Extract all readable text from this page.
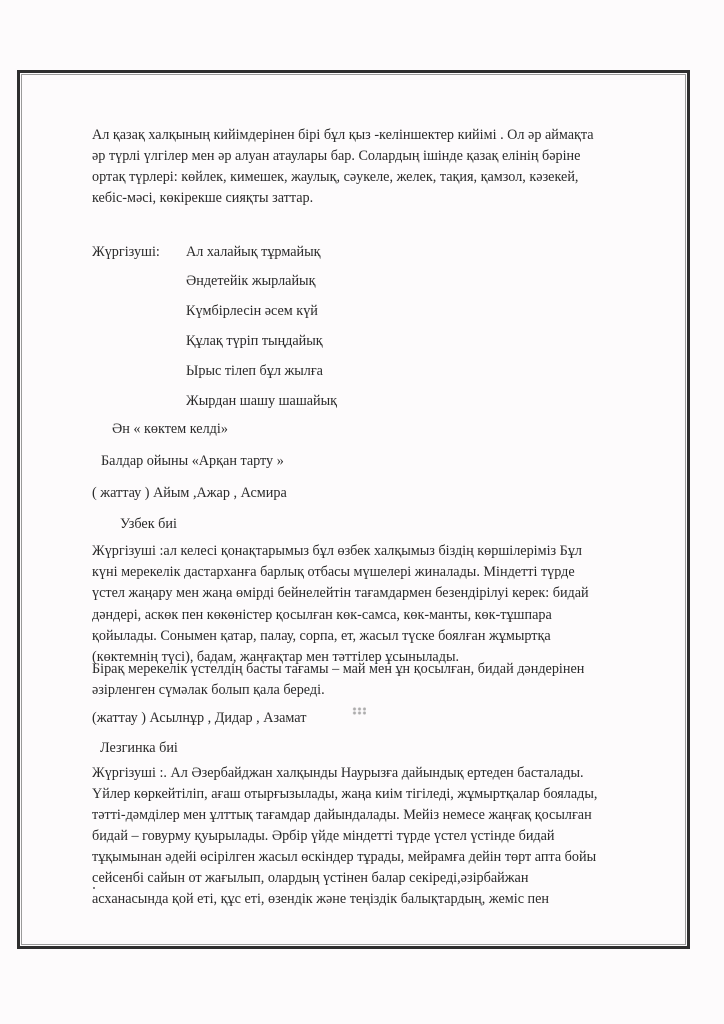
Ал қазақ халқының кийімдерінен бірі бұл қыз -келіншектер кийімі . Ол әр аймақта
әр түрлі үлгілер мен әр алуан атаулары бар. Солардың ішінде қазақ елінің бәріне
ортақ түрлері: көйлек, кимешек, жаулық, сәукеле, желек, тақия, қамзол, кәзекей,
кебіс-мәсі, көкірекше сияқты заттар.
Жүргізуші: Ал халайық тұрмайық
Әндетейік жырлайық
Күмбірлесін әсем күй
Құлақ түріп тыңдайық
Ырыс тілеп бұл жылға
Жырдан шашу шашайық
Ән « көктем келді»
Балдар ойыны «Арқан тарту »
( жаттау ) Айым ,Ажар , Асмира
Узбек биі
Жүргізуші :ал келесі қонақтарымыз бұл өзбек халқымыз біздің көршілеріміз Бұл
күні мерекелік дастарханға барлық отбасы мүшелері жиналады. Міндетті түрде
үстел жаңару мен жаңа өмірді бейнелейтін тағамдармен безендірілуі керек: бидай
дәндері, аскөк пен көкөністер қосылған көк-самса, көк-манты, көк-тұшпара
қойылады. Сонымен қатар, палау, сорпа, ет, жасыл түске боялған жұмыртқа
(көктемнің түсі), бадам, жаңғақтар мен тәттілер ұсынылады.
Бірақ мерекелік үстелдің басты тағамы – май мен ұн қосылған, бидай дәндерінен
әзірленген сүмәлак болып қала береді.
(жаттау ) Асылнұр , Дидар , Азамат
Лезгинка биі
Жүргізуші :. Ал Әзербайджан халқынды Наурызға дайындық ертеден басталады.
Үйлер көркейтіліп, ағаш отырғызылады, жаңа киім тігіледі, жұмыртқалар боялады,
тәтті-дәмділер мен ұлттық тағамдар дайындалады. Мейіз немесе жаңғақ қосылған
бидай – говурму қуырылады. Әрбір үйде міндетті түрде үстел үстінде бидай
тұқымынан әдейі өсірілген жасыл өскіндер тұрады, мейрамға дейін төрт апта бойы
сейсенбі сайын от жағылып, олардың үстінен балар секіреді,әзірбайжан
асханасында қой еті, құс еті, өзендік және теңіздік балықтардың, жеміс пен
